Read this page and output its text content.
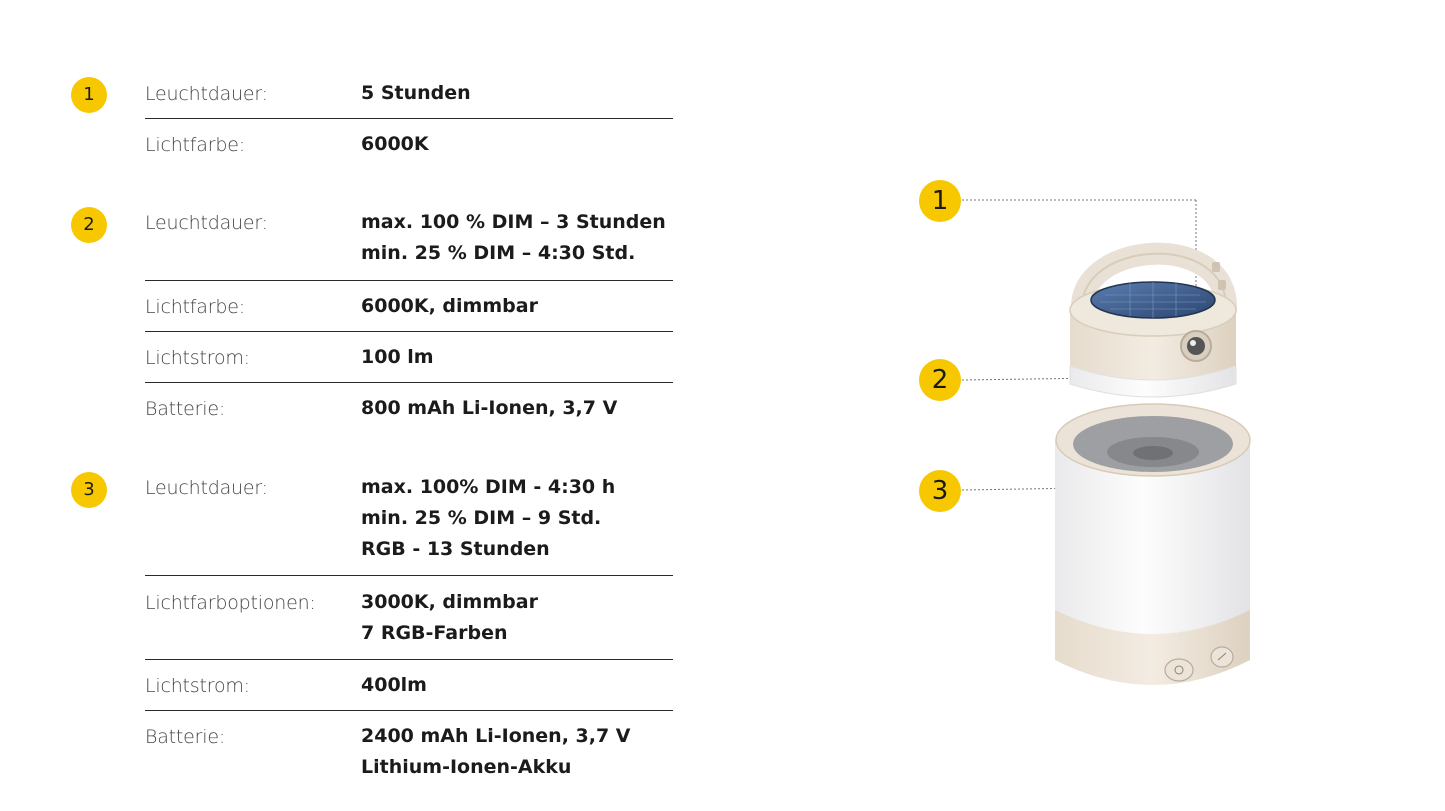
1	Leuchtdauer:	5 Stunden
Lichtfarbe:	6000K
2	Leuchtdauer:	max. 100 % DIM – 3 Stunden
min. 25 % DIM – 4:30 Std.
Lichtfarbe:	6000K, dimmbar
Lichtstrom:	100 lm
Batterie:	800 mAh Li-Ionen, 3,7 V
3	Leuchtdauer:	max. 100% DIM - 4:30 h
min. 25 % DIM – 9 Std.
RGB - 13 Stunden
Lichtfarboptionen: 3000K, dimmbar
7 RGB-Farben
Lichtstrom:	400lm
Batterie:	2400 mAh Li-Ionen, 3,7 V
Lithium-Ionen-Akku
1
2
3
